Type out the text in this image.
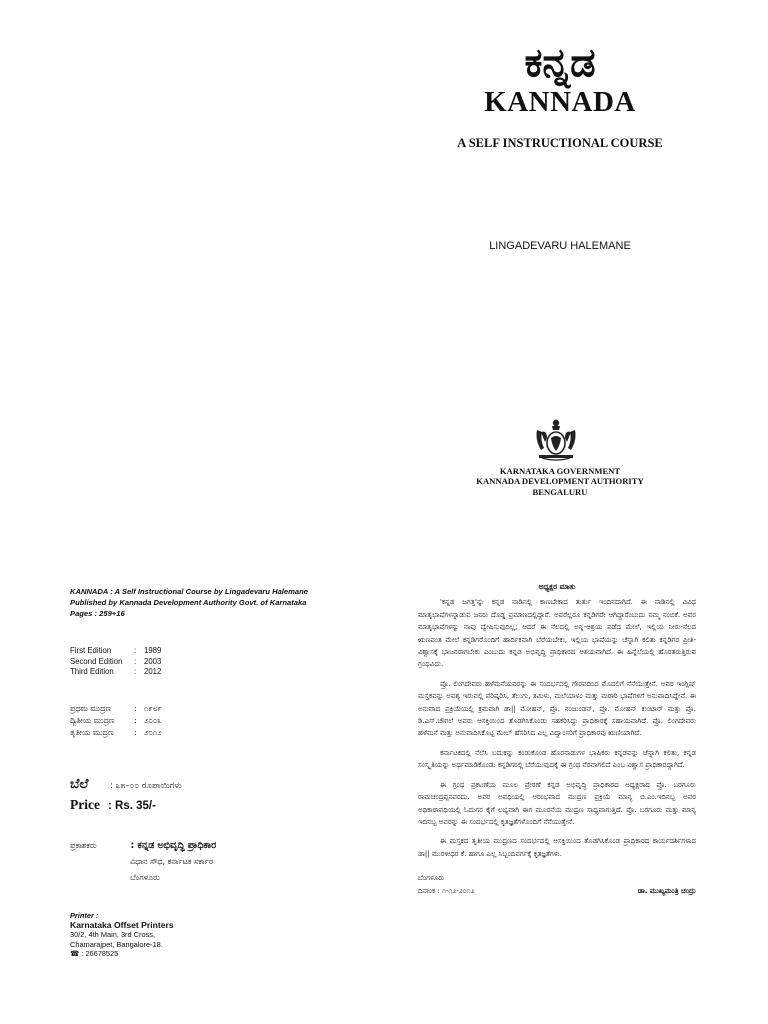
ಕನ್ನಡ
KANNADA
A SELF INSTRUCTIONAL COURSE
LINGADEVARU HALEMANE
KARNATAKA GOVERNMENT
KANNADA DEVELOPMENT AUTHORITY
BENGALURU
KANNADA : A Self Instructional Course by Lingadevaru Halemane
Published by Kannada Development Authority Govt. of Karnataka
Pages : 259+16
First Edition	:	1989
Second Edition	:	2003
Third Edition	:	2012
ಪ್ರಥಮ ಮುದ್ರಣ	: ೧೯೮೯
ದ್ವಿತೀಯ ಮುದ್ರಣ	: ೨೦೦೩
ತೃತೀಯ ಮುದ್ರಣ	: ೨೦೧೨
ಬೆಲೆ	: ೩೫–೦೦ ರೂಪಾಯಿಗಳು
Price : Rs. 35/-
ಪ್ರಕಾಶಕರು	: ಕನ್ನಡ ಅಭಿವೃದ್ಧಿ ಪ್ರಾಧಿಕಾರ
ವಿಧಾನ ಸೌಧ, ಕರ್ನಾಟಕ ಸರ್ಕಾರ
ಬೆಂಗಳೂರು
Printer :
Karnataka Offset Printers
30/2, 4th Main, 3rd Cross,
Chamarajpet, Bangalore-18.
☎ : 26678525
ಅಧ್ಯಕ್ಷರ ಮಾತು

'ಕನ್ನಡ ಜಗತ್ತ'ನ್ನು ಕನ್ನಡ ನಾಡಿನಲ್ಲಿ ಕಾಣಬೇಕಾದ ತುರ್ತು ಇಂದಿನದಾಗಿದೆ. ಈ ನಾಡಿನಲ್ಲಿ ವಿವಿಧ ಮಾತೃಭಾಷೆಗಳನ್ನಾಡುವ ಜನರು ದೊಡ್ಡ ಪ್ರಮಾಣದಲ್ಲಿದ್ದಾರೆ. ಅವರೆಲ್ಲರೂ ಕನ್ನಡಿಗರೇ ಆಗಿದ್ದಾರೆಂಬುದು ನಮ್ಮ ನಂಬಿಕೆ. ಅವರ ಮಾತೃಭಾಷೆಗಳನ್ನು ನಾವು ದ್ವೇಷಿಸುವುದಿಲ್ಲ; ಆದರೆ ಈ ನೆಲದಲ್ಲಿ ಅನ್ನ-ಆಶ್ರಯ ಪಡೆದ ಮೇಲೆ, ಇಲ್ಲಿಯ ನೀರು-ನೆಲದ ಋಣವಂತ ಮೇಲೆ ಕನ್ನಡಿಗರೊಂದಿಗೆ ಹಾರ್ದಿಕವಾಗಿ ಬೆರೆಯಬೇಕು, ಇಲ್ಲಿಯ ಭಾಷೆಯನ್ನು ಚೆನ್ನಾಗಿ ಕಲಿತು ಕನ್ನಡಿಗರ ಪ್ರೀತಿ-ವಿಶ್ವಾಸಕ್ಕೆ ಭಾಜನರಾಗಬೇಕು ಎಂಬುದು ಕನ್ನಡ ಅಭಿವೃದ್ಧಿ ಪ್ರಾಧಿಕಾರದ ಆಶಯವಾಗಿದೆ. ಈ ಹಿನ್ನೆಲೆಯಲ್ಲಿ ಹೊರತರುತ್ತಿರುವ ಗ್ರಂಥವಿದು.

ಪ್ರೊ. ಲಿಂಗದೇವರು ಹಳೆಮನೆಯವರನ್ನು ಈ ಸಂದರ್ಭದಲ್ಲಿ ಗೌರವದಿಂದ ಮೊದಲಿಗೆ ನೆನೆಯುತ್ತೇನೆ. ಅವರ ಇಂಗ್ಲಿಷ್ ಮಸ್ತಕವನ್ನು ಅವಶ್ಯ ಇರುವಲ್ಲಿ ಪರಿಷ್ಕರಿಸಿ, ತೆಲುಗು, ತಮಿಳು, ಮಲೆಯಾಳಂ ಮತ್ತು ಮರಾಠಿ ಭಾಷೆಗಳಿಗೆ ಅನುವಾದಿಸಿದ್ದೇವೆ. ಈ ಅನುವಾದ ಪ್ರಕ್ರಿಯೆಯಲ್ಲಿ ಕ್ರಮವಾಗಿ ಡಾ|| ಮೋಹನ್, ಪ್ರೊ. ನಂಜುಂಡನ್, ಪ್ರೊ. ಮೋಹನ್ ಕುಂಟಾರ್ ಮತ್ತು ಪ್ರೊ. ಡಿ.ಎಸ್.ಚೌಗಲೆ ಅವರು ಆಸಕ್ತಿಯಿಂದ ತೊಡಗಿಸಿಕೊಂಡು ಸಹಕರಿಸಿದ್ದು ಪ್ರಾಧಿಕಾರಕ್ಕೆ ಸಹಾಯವಾಗಿದೆ. ಪ್ರೊ. ಲಿಂಗದೇವರು ಹಳೆಮನೆ ಮತ್ತು ಅನುವಾದಿಸಿಕೊಟ್ಟ ಮೇಲ್ ಹೆಸರಿಸಿದ ಎಲ್ಲ ವಿದ್ವಾಂಸರಿಗೆ ಪ್ರಾಧಿಕಾರವು ಋಣಿಯಾಗಿದೆ.

ಕರ್ನಾಟಕದಲ್ಲಿ ನೆಲೆಸಿ ಬದುಕನ್ನು ಕಂಡುಕೊಂಡ ಹೊರನಾಡುಗಳ ಭಾಷಿಕರು ಕನ್ನಡವನ್ನು ಚೆನ್ನಾಗಿ ಕಲಿತು, ಕನ್ನಡ ಸಂಸ್ಕೃತಿಯನ್ನು ಅರ್ಥಮಾಡಿಕೊಂಡು ಕನ್ನಡಿಗರಲ್ಲಿ ಬೆರೆಯುವುದಕ್ಕೆ ಈ ಗ್ರಂಥ ನೆರವಾಗಲಿದೆ ಎಂಬ ವಿಶ್ವಾಸ ಪ್ರಾಧಿಕಾರದ್ದಾಗಿದೆ.

ಈ ಗ್ರಂಥ ಪ್ರಕಟಣೆಯ ಮೂಲ ಪ್ರೇರಣೆ ಕನ್ನಡ ಅಭಿವೃದ್ಧಿ ಪ್ರಾಧಿಕಾರದ ಅಧ್ಯಕ್ಷರಾದ ಪ್ರೊ. ಬರಗೂರು ರಾಮಚಂದ್ರಪ್ಪನವರದು. ಅವರ ಅವಧಿಯಲ್ಲಿ ಆರಂಭವಾದ ಮುದ್ರಣ ಪ್ರಕ್ರಿಯೆ ಮಾನ್ಯ ಬಿ.ಎಂ.ಇದಿನಬ್ಬ ಅವರ ಅಧಿಕಾರಾವಧಿಯಲ್ಲಿ ಓದುಗರ ಕೈಗೆ ಲಭ್ಯವಾಗಿ ಈಗ ಮೂರನೆಯ ಮುದ್ರಣ ಸಾಧ್ಯವಾಗುತ್ತಿದೆ. ಪ್ರೊ. ಬರಗೂರು ಮತ್ತು ಮಾನ್ಯ ಇದಿನಬ್ಬ ಅವರನ್ನು ಈ ಸಂದರ್ಭದಲ್ಲಿ ಕೃತಜ್ಞತೆಗಳೊಂದಿಗೆ ನೆನೆಯುತ್ತೇನೆ.

ಈ ಮಸ್ತಕದ ತೃತೀಯ ಮುದ್ರಣದ ಸಂದರ್ಭದಲ್ಲಿ ಆಸಕ್ತಿಯಿಂದ ತೊಡಗಿಸಿಕೊಂಡ ಪ್ರಾಧಿಕಾರದ ಕಾರ್ಯದರ್ಶಿಗಳಾದ ಡಾ|| ಮುರಳೀಧರ ಕೆ. ಹಾಗೂ ಎಲ್ಲ ಸಿಬ್ಬಂದಿವರ್ಗಕ್ಕೆ ಕೃತಜ್ಞತೆಗಳು.

ಬೆಂಗಳೂರು
ದಿನಾಂಕ : ೧-೧೨-೨೦೧೨	ಡಾ. ಮುಖ್ಯಮಂತ್ರಿ ಚಂದ್ರು
